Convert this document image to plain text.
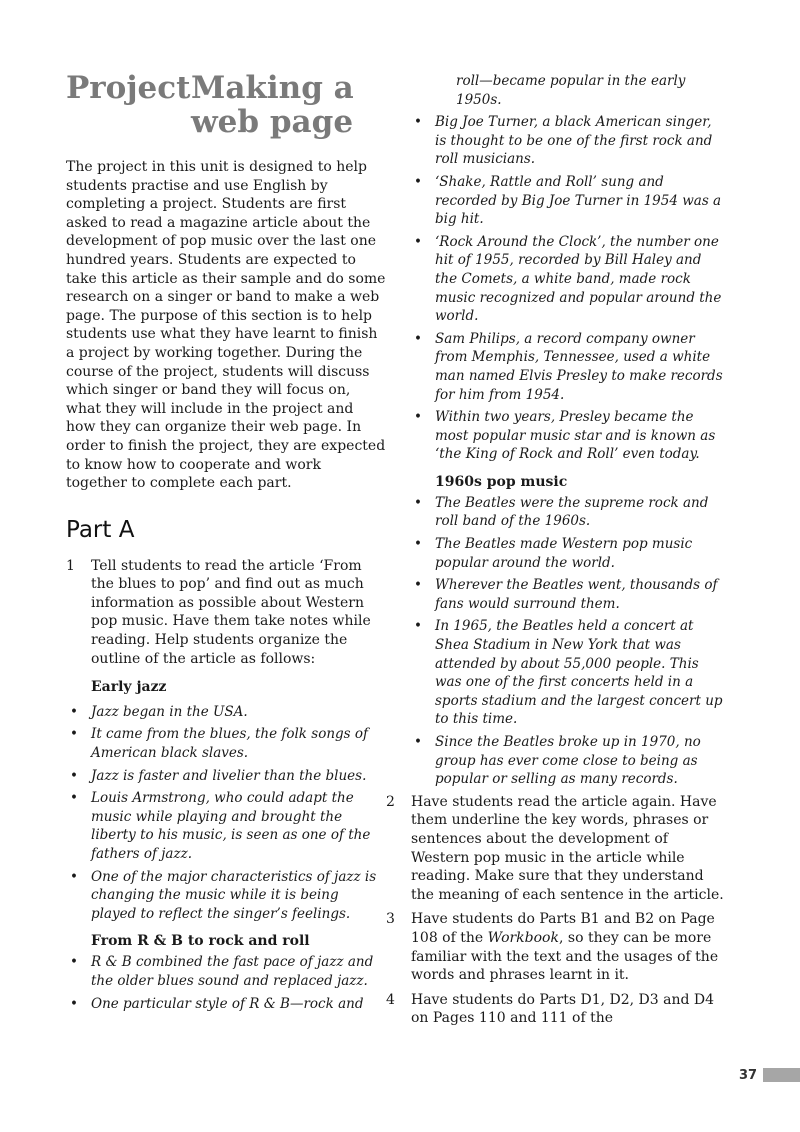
Project Making a
web page

The project in this unit is designed to help students practise and use English by completing a project. Students are first asked to read a magazine article about the development of pop music over the last one hundred years. Students are expected to take this article as their sample and do some research on a singer or band to make a web page. The purpose of this section is to help students use what they have learnt to finish a project by working together. During the course of the project, students will discuss which singer or band they will focus on, what they will include in the project and how they can organize their web page. In order to finish the project, they are expected to know how to cooperate and work together to complete each part.

Part A
1 Tell students to read the article ‘From the blues to pop’ and find out as much information as possible about Western pop music. Have them take notes while reading. Help students organize the outline of the article as follows:
Early jazz
• Jazz began in the USA.
• It came from the blues, the folk songs of American black slaves.
• Jazz is faster and livelier than the blues.
• Louis Armstrong, who could adapt the music while playing and brought the liberty to his music, is seen as one of the fathers of jazz.
• One of the major characteristics of jazz is changing the music while it is being played to reflect the singer’s feelings.
From R & B to rock and roll
• R & B combined the fast pace of jazz and the older blues sound and replaced jazz.
• One particular style of R & B—rock and
roll—became popular in the early 1950s.
• Big Joe Turner, a black American singer, is thought to be one of the first rock and roll musicians.
• ‘Shake, Rattle and Roll’ sung and recorded by Big Joe Turner in 1954 was a big hit.
• ‘Rock Around the Clock’, the number one hit of 1955, recorded by Bill Haley and the Comets, a white band, made rock music recognized and popular around the world.
• Sam Philips, a record company owner from Memphis, Tennessee, used a white man named Elvis Presley to make records for him from 1954.
• Within two years, Presley became the most popular music star and is known as ‘the King of Rock and Roll’ even today.
1960s pop music
• The Beatles were the supreme rock and roll band of the 1960s.
• The Beatles made Western pop music popular around the world.
• Wherever the Beatles went, thousands of fans would surround them.
• In 1965, the Beatles held a concert at Shea Stadium in New York that was attended by about 55,000 people. This was one of the first concerts held in a sports stadium and the largest concert up to this time.
• Since the Beatles broke up in 1970, no group has ever come close to being as popular or selling as many records.
2 Have students read the article again. Have them underline the key words, phrases or sentences about the development of Western pop music in the article while reading. Make sure that they understand the meaning of each sentence in the article.
3 Have students do Parts B1 and B2 on Page 108 of the Workbook, so they can be more familiar with the text and the usages of the words and phrases learnt in it.
4 Have students do Parts D1, D2, D3 and D4 on Pages 110 and 111 of the
37
